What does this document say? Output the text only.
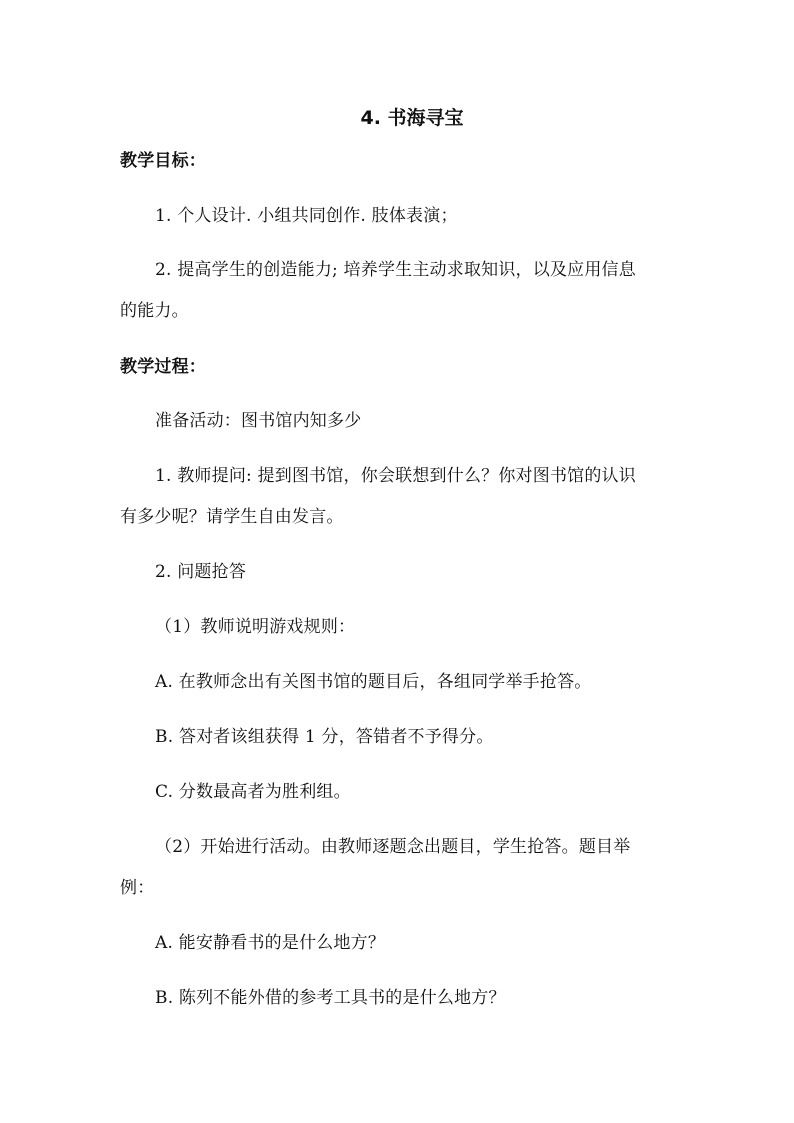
4. 书海寻宝
教学目标：
1. 个人设计. 小组共同创作. 肢体表演；
2. 提高学生的创造能力; 培养学生主动求取知识，以及应用信息
的能力。
教学过程：
准备活动：图书馆内知多少
1. 教师提问: 提到图书馆，你会联想到什么？你对图书馆的认识
有多少呢？请学生自由发言。
2. 问题抢答
（1）教师说明游戏规则：
A. 在教师念出有关图书馆的题目后，各组同学举手抢答。
B. 答对者该组获得 1 分，答错者不予得分。
C. 分数最高者为胜利组。
（2）开始进行活动。由教师逐题念出题目，学生抢答。题目举
例：
A. 能安静看书的是什么地方？
B. 陈列不能外借的参考工具书的是什么地方？
